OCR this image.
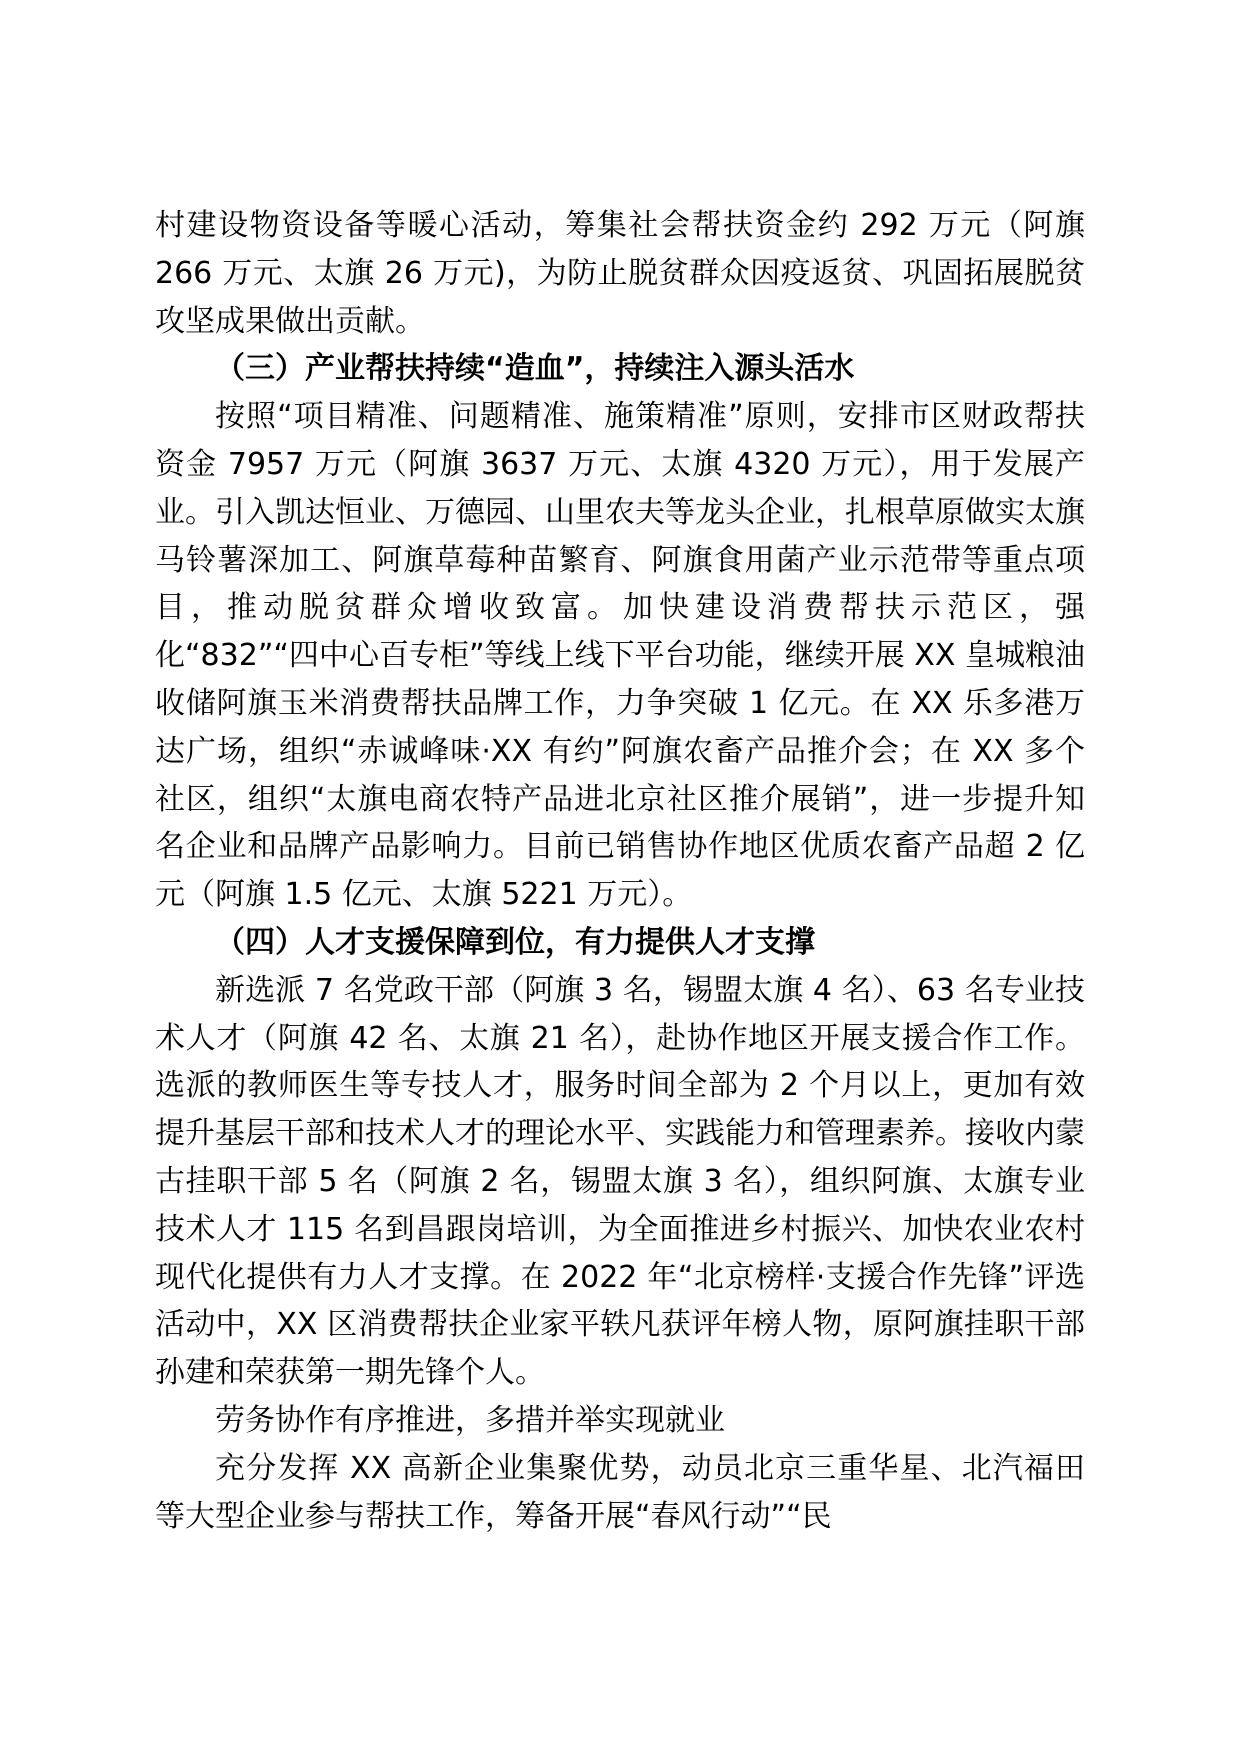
村建设物资设备等暖心活动，筹集社会帮扶资金约 292 万元（阿旗 266 万元、太旗 26 万元)，为防止脱贫群众因疫返贫、巩固拓展脱贫攻坚成果做出贡献。

（三）产业帮扶持续“造血”，持续注入源头活水

按照“项目精准、问题精准、施策精准”原则，安排市区财政帮扶资金 7957 万元（阿旗 3637 万元、太旗 4320 万元），用于发展产业。引入凯达恒业、万德园、山里农夫等龙头企业，扎根草原做实太旗马铃薯深加工、阿旗草莓种苗繁育、阿旗食用菌产业示范带等重点项目，推动脱贫群众增收致富。加快建设消费帮扶示范区，强化“832”“四中心百专柜”等线上线下平台功能，继续开展 XX 皇城粮油收储阿旗玉米消费帮扶品牌工作，力争突破 1 亿元。在 XX 乐多港万达广场，组织“赤诚峰味·XX 有约”阿旗农畜产品推介会；在 XX 多个社区，组织“太旗电商农特产品进北京社区推介展销”，进一步提升知名企业和品牌产品影响力。目前已销售协作地区优质农畜产品超 2 亿元（阿旗 1.5 亿元、太旗 5221 万元）。

（四）人才支援保障到位，有力提供人才支撑

新选派 7 名党政干部（阿旗 3 名，锡盟太旗 4 名）、63 名专业技术人才（阿旗 42 名、太旗 21 名），赴协作地区开展支援合作工作。选派的教师医生等专技人才，服务时间全部为 2 个月以上，更加有效提升基层干部和技术人才的理论水平、实践能力和管理素养。接收内蒙古挂职干部 5 名（阿旗 2 名，锡盟太旗 3 名），组织阿旗、太旗专业技术人才 115 名到昌跟岗培训，为全面推进乡村振兴、加快农业农村现代化提供有力人才支撑。在 2022 年“北京榜样·支援合作先锋”评选活动中，XX 区消费帮扶企业家平轶凡获评年榜人物，原阿旗挂职干部孙建和荣获第一期先锋个人。

劳务协作有序推进，多措并举实现就业

充分发挥 XX 高新企业集聚优势，动员北京三重华星、北汽福田等大型企业参与帮扶工作，筹备开展“春风行动”“民
